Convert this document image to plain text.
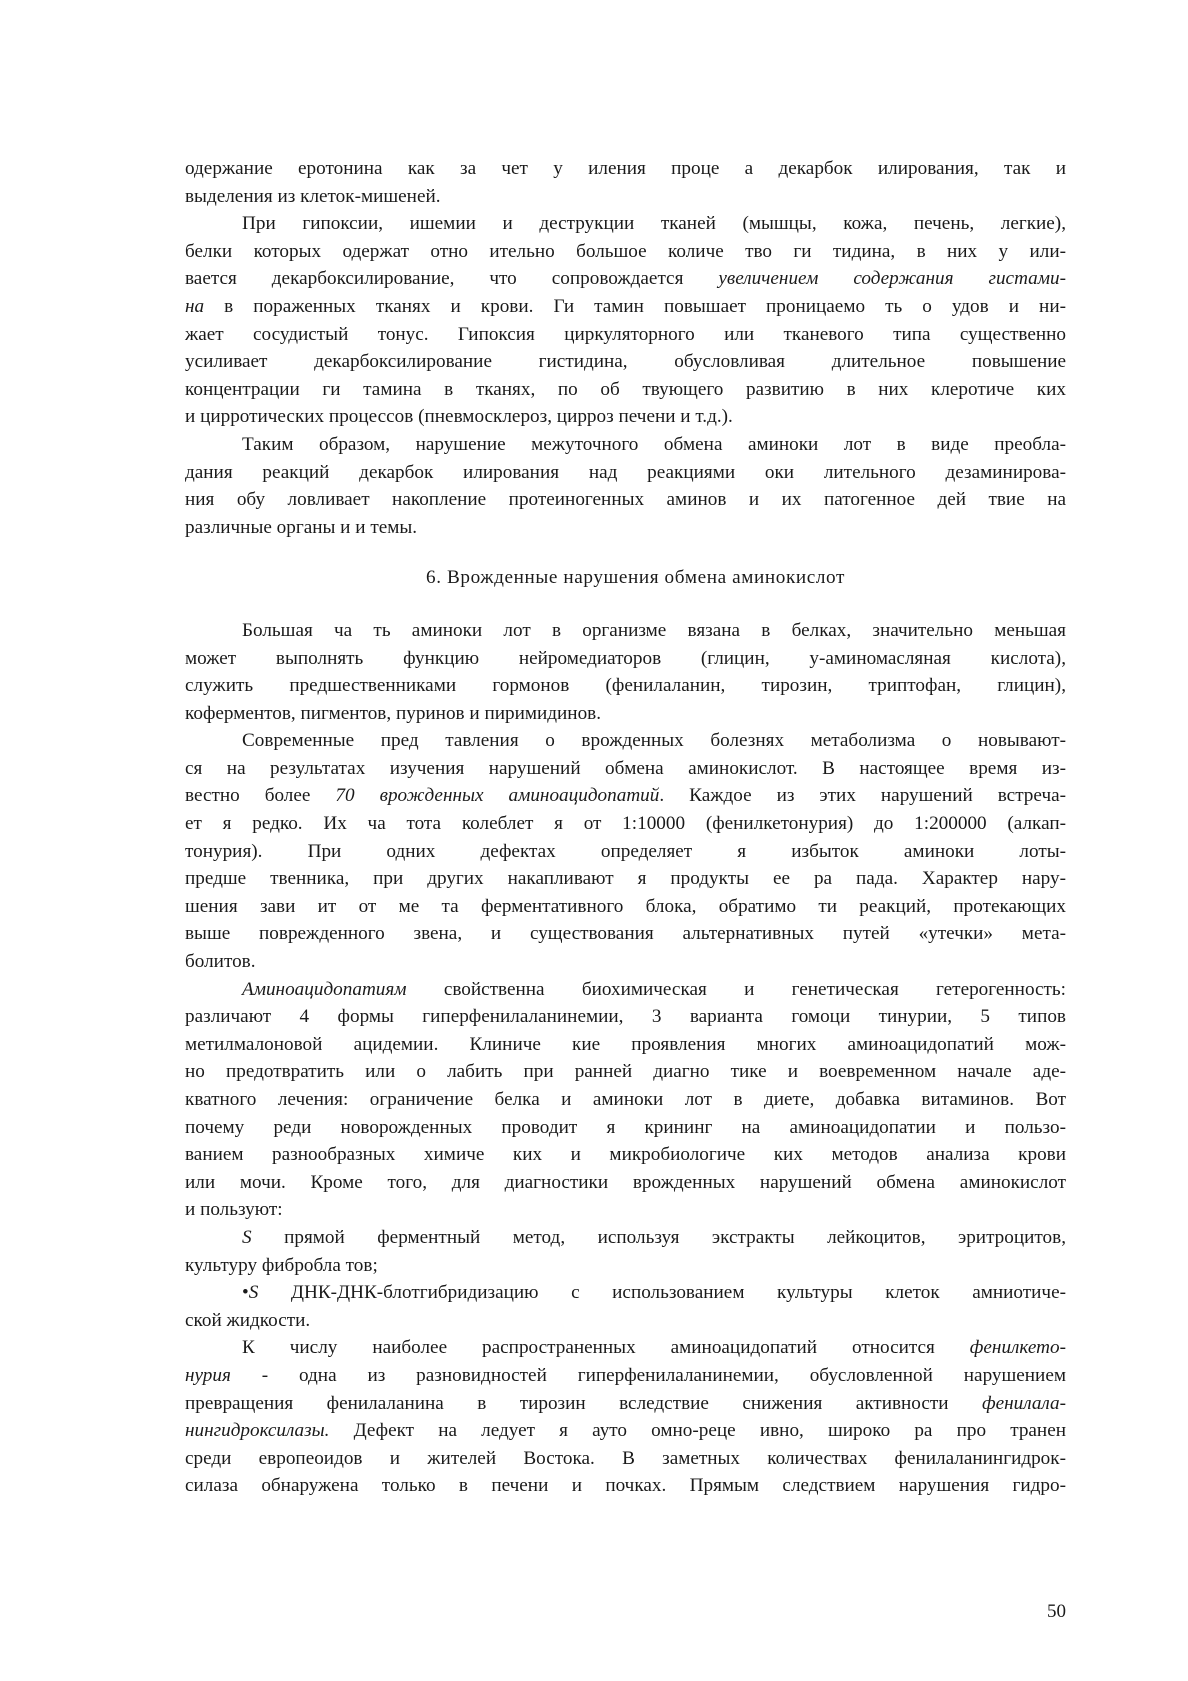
одержание еротонина как за чет у иления проце а декарбок илирования, так и
выделения из клеток-мишеней.
При гипоксии, ишемии и деструкции тканей (мышцы, кожа, печень, легкие),
белки которых одержат отно ительно большое количе тво ги тидина, в них у или-
вается декарбоксилирование, что сопровождается увеличением содержания гистами-
на в пораженных тканях и крови. Ги тамин повышает проницаемо ть о удов и ни-
жает сосудистый тонус. Гипоксия циркуляторного или тканевого типа существенно
усиливает декарбоксилирование гистидина, обусловливая длительное повышение
концентрации ги тамина в тканях, по об твующего развитию в них клеротиче ких
и цирротических процессов (пневмосклероз, цирроз печени и т.д.).
Таким образом, нарушение межуточного обмена аминоки лот в виде преобла-
дания реакций декарбок илирования над реакциями оки лительного дезаминирова-
ния обу ловливает накопление протеиногенных аминов и их патогенное дей твие на
различные органы и и темы.
6. Врожденные нарушения обмена аминокислот
Большая ча ть аминоки лот в организме вязана в белках, значительно меньшая
может выполнять функцию нейромедиаторов (глицин, у-аминомасляная кислота),
служить предшественниками гормонов (фенилаланин, тирозин, триптофан, глицин),
коферментов, пигментов, пуринов и пиримидинов.
Современные пред тавления о врожденных болезнях метаболизма о новывают-
ся на результатах изучения нарушений обмена аминокислот. В настоящее время из-
вестно более 70 врожденных аминоацидопатий. Каждое из этих нарушений встреча-
ет я редко. Их ча тота колеблет я от 1:10000 (фенилкетонурия) до 1:200000 (алкап-
тонурия). При одних дефектах определяет я избыток аминоки лоты-
предше твенника, при других накапливают я продукты ее ра пада. Характер нару-
шения зави ит от ме та ферментативного блока, обратимо ти реакций, протекающих
выше поврежденного звена, и существования альтернативных путей «утечки» мета-
болитов.
Аминоацидопатиям свойственна биохимическая и генетическая гетерогенность:
различают 4 формы гиперфенилаланинемии, 3 варианта гомоци тинурии, 5 типов
метилмалоновой ацидемии. Клиниче кие проявления многих аминоацидопатий мож-
но предотвратить или о лабить при ранней диагно тике и воевременном начале аде-
кватного лечения: ограничение белка и аминоки лот в диете, добавка витаминов. Вот
почему реди новорожденных проводит я крининг на аминоацидопатии и пользо-
ванием разнообразных химиче ких и микробиологиче ких методов анализа крови
или мочи. Кроме того, для диагностики врожденных нарушений обмена аминокислот
и пользуют:
S прямой ферментный метод, используя экстракты лейкоцитов, эритроцитов,
культуру фибробла тов;
•S ДНК-ДНК-блотгибридизацию с использованием культуры клеток амниотиче-
ской жидкости.
К числу наиболее распространенных аминоацидопатий относится фенилкето-
нурия - одна из разновидностей гиперфенилаланинемии, обусловленной нарушением
превращения фенилаланина в тирозин вследствие снижения активности фенилала-
нингидроксилазы. Дефект на ледует я ауто омно-реце ивно, широко ра про транен
среди европеоидов и жителей Востока. В заметных количествах фенилаланингидрок-
силаза обнаружена только в печени и почках. Прямым следствием нарушения гидро-
50
